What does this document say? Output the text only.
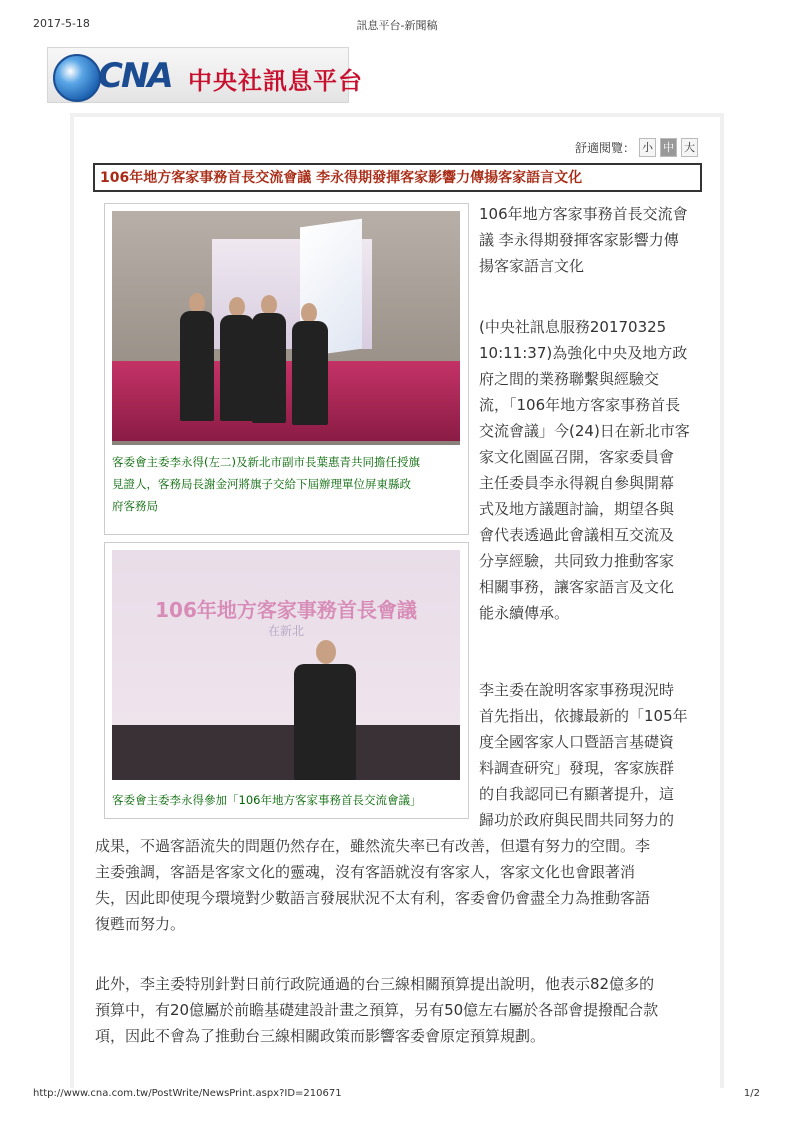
2017-5-18	訊息平台-新聞稿
CNA 中央社訊息平台
舒適閱覽： 小 中 大
106年地方客家事務首長交流會議 李永得期發揮客家影響力傳揚客家語言文化
客委會主委李永得(左二)及新北市副市長葉惠青共同擔任授旗
見證人，客務局長謝金河將旗子交給下屆辦理單位屏東縣政
府客務局
106年地方客家事務首長會議
在新北
客委會主委李永得參加「106年地方客家事務首長交流會議」
106年地方客家事務首長交流會
議 李永得期發揮客家影響力傳
揚客家語言文化
(中央社訊息服務20170325
10:11:37)為強化中央及地方政
府之間的業務聯繫與經驗交
流，「106年地方客家事務首長
交流會議」今(24)日在新北市客
家文化園區召開，客家委員會
主任委員李永得親自參與開幕
式及地方議題討論，期望各與
會代表透過此會議相互交流及
分享經驗，共同致力推動客家
相關事務，讓客家語言及文化
能永續傳承。
李主委在說明客家事務現況時
首先指出，依據最新的「105年
度全國客家人口暨語言基礎資
料調查研究」發現，客家族群
的自我認同已有顯著提升，這
歸功於政府與民間共同努力的
成果，不過客語流失的問題仍然存在，雖然流失率已有改善，但還有努力的空間。李
主委強調，客語是客家文化的靈魂，沒有客語就沒有客家人，客家文化也會跟著消
失，因此即使現今環境對少數語言發展狀況不太有利，客委會仍會盡全力為推動客語
復甦而努力。
此外，李主委特別針對日前行政院通過的台三線相關預算提出說明，他表示82億多的
預算中，有20億屬於前瞻基礎建設計畫之預算，另有50億左右屬於各部會提撥配合款
項，因此不會為了推動台三線相關政策而影響客委會原定預算規劃。
http://www.cna.com.tw/PostWrite/NewsPrint.aspx?ID=210671	1/2
